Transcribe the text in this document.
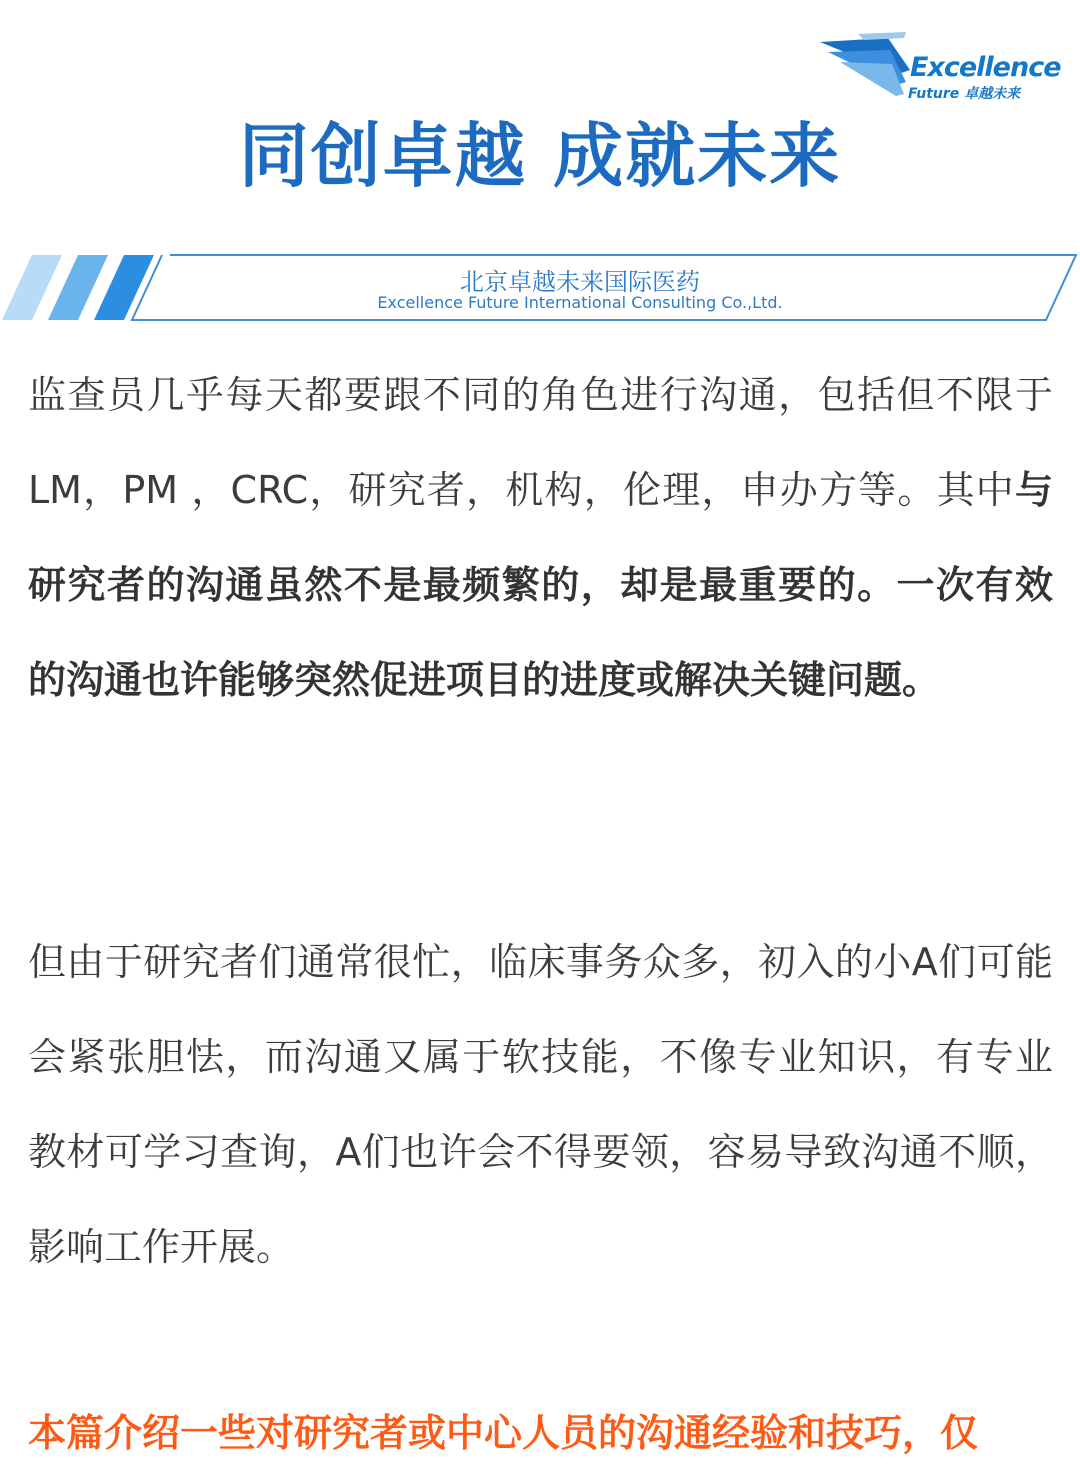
Excellence
Future 卓越未来
同创卓越 成就未来
北京卓越未来国际医药
Excellence Future International Consulting Co.,Ltd.
监查员几乎每天都要跟不同的角色进行沟通，包括但不限于LM，PM ，CRC，研究者，机构，伦理，申办方等。其中与研究者的沟通虽然不是最频繁的，却是最重要的。一次有效的沟通也许能够突然促进项目的进度或解决关键问题。
但由于研究者们通常很忙，临床事务众多，初入的小A们可能会紧张胆怯，而沟通又属于软技能，不像专业知识，有专业教材可学习查询，A们也许会不得要领，容易导致沟通不顺，影响工作开展。
本篇介绍一些对研究者或中心人员的沟通经验和技巧，仅
